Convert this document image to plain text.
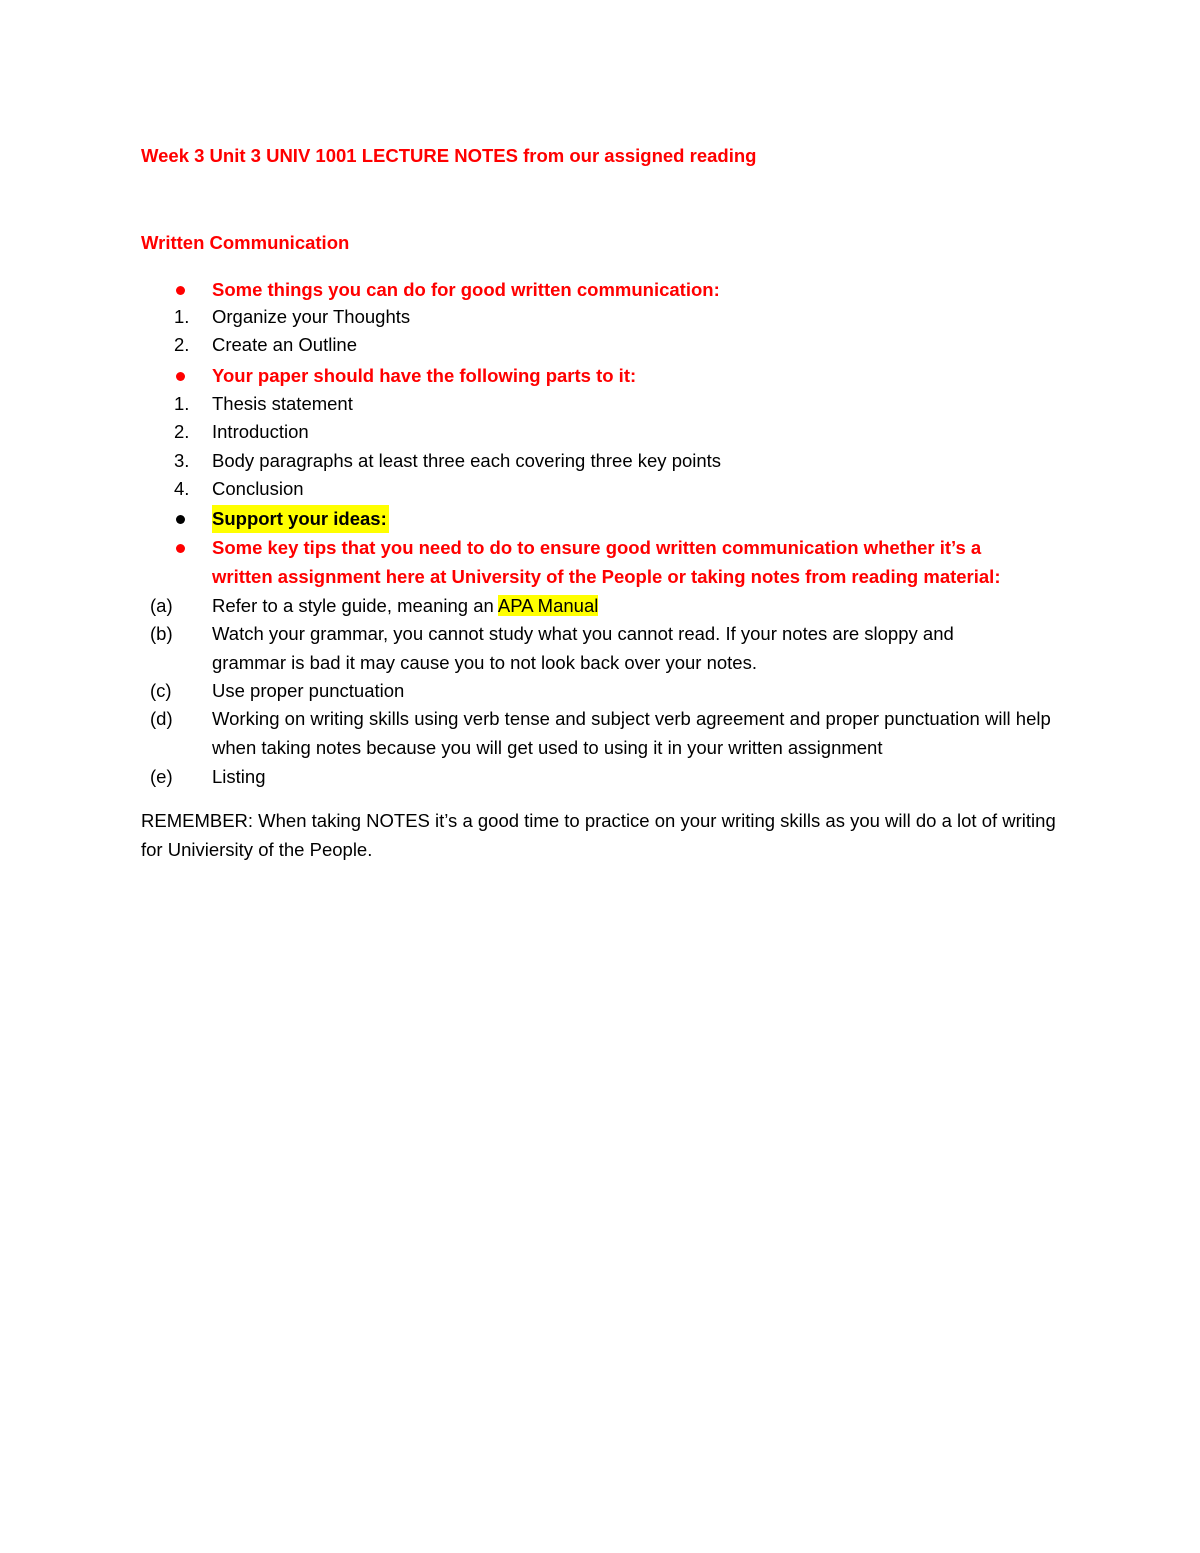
Week 3 Unit 3 UNIV 1001 LECTURE NOTES from our assigned reading
Written Communication
Some things you can do for good written communication:
1.	Organize your Thoughts
2.	Create an Outline
Your paper should have the following parts to it:
1.	Thesis statement
2.	Introduction
3.	Body paragraphs at least three each covering three key points
4.	Conclusion
Support your ideas:
Some key tips that you need to do to ensure good written communication whether it’s a written assignment here at University of the People or taking notes from reading material:
(a)	Refer to a style guide, meaning an APA Manual
(b)	Watch your grammar, you cannot study what you cannot read. If your notes are sloppy and grammar is bad it may cause you to not look back over your notes.
(c)	Use proper punctuation
(d)	Working on writing skills using verb tense and subject verb agreement and proper punctuation will help when taking notes because you will get used to using it in your written assignment
(e)	Listing
REMEMBER: When taking NOTES it’s a good time to practice on your writing skills as you will do a lot of writing for Univiersity of the People.
